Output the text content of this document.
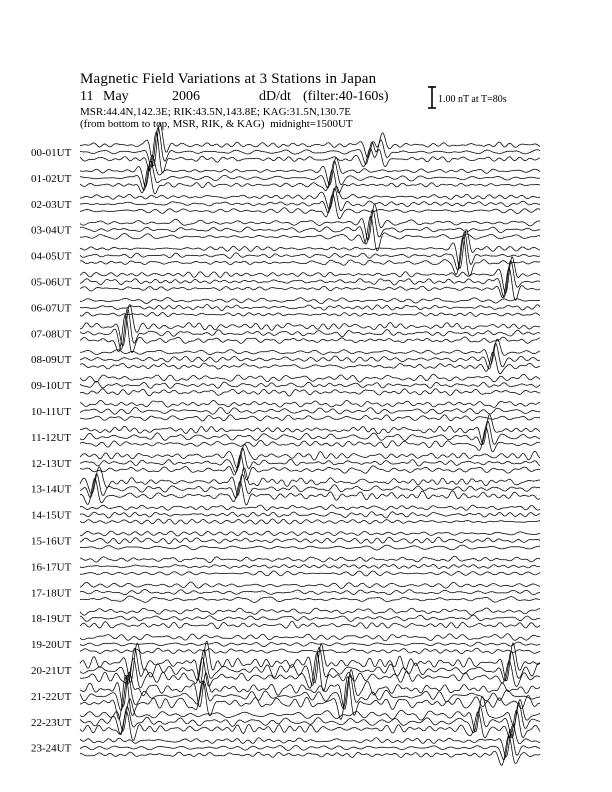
Magnetic Field Variations at 3 Stations in Japan
11 May	2006	dD/dt (filter:40-160s)
MSR:44.4N,142.3E; RIK:43.5N,143.8E; KAG:31.5N,130.7E
(from bottom to top, MSR, RIK, & KAG) midnight=1500UT
1.00 nT at T=80s
00-01UT
01-02UT
02-03UT
03-04UT
04-05UT
05-06UT
06-07UT
07-08UT
08-09UT
09-10UT
10-11UT
11-12UT
12-13UT
13-14UT
14-15UT
15-16UT
16-17UT
17-18UT
18-19UT
19-20UT
20-21UT
21-22UT
22-23UT
23-24UT
